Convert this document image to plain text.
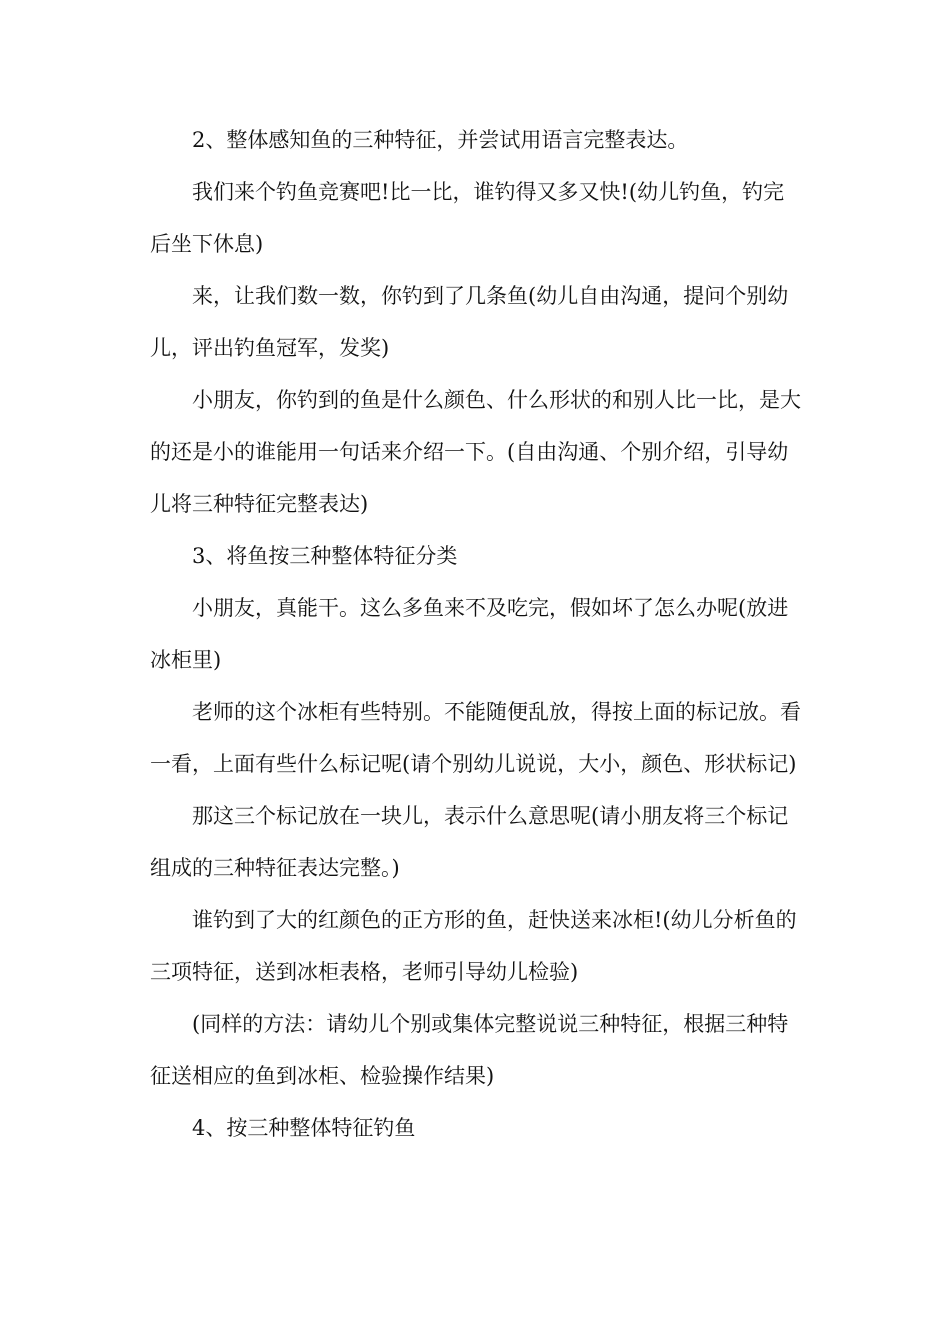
2、整体感知鱼的三种特征，并尝试用语言完整表达。

我们来个钓鱼竞赛吧!比一比，谁钓得又多又快!(幼儿钓鱼，钓完后坐下休息)

来，让我们数一数，你钓到了几条鱼(幼儿自由沟通，提问个别幼儿，评出钓鱼冠军，发奖)

小朋友，你钓到的鱼是什么颜色、什么形状的和别人比一比，是大的还是小的谁能用一句话来介绍一下。(自由沟通、个别介绍，引导幼儿将三种特征完整表达)

3、将鱼按三种整体特征分类

小朋友，真能干。这么多鱼来不及吃完，假如坏了怎么办呢(放进冰柜里)

老师的这个冰柜有些特别。不能随便乱放，得按上面的标记放。看一看，上面有些什么标记呢(请个别幼儿说说，大小，颜色、形状标记)

那这三个标记放在一块儿，表示什么意思呢(请小朋友将三个标记组成的三种特征表达完整。)

谁钓到了大的红颜色的正方形的鱼，赶快送来冰柜!(幼儿分析鱼的三项特征，送到冰柜表格，老师引导幼儿检验)

(同样的方法：请幼儿个别或集体完整说说三种特征，根据三种特征送相应的鱼到冰柜、检验操作结果)

4、按三种整体特征钓鱼
